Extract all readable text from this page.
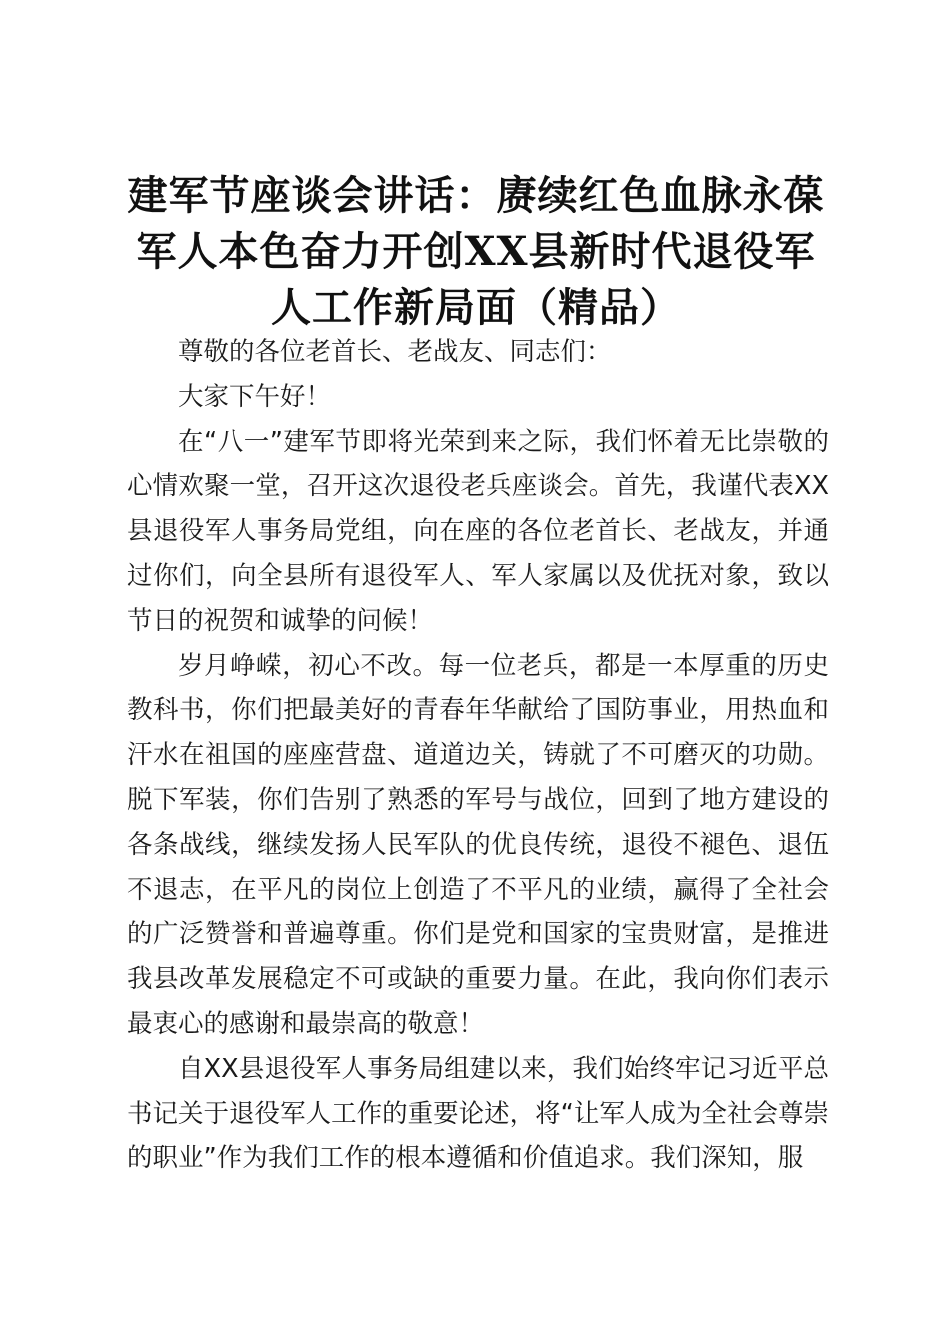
建军节座谈会讲话：赓续红色血脉永葆军人本色奋力开创XX县新时代退役军人工作新局面（精品）

尊敬的各位老首长、老战友、同志们：

大家下午好！

在“八一”建军节即将光荣到来之际，我们怀着无比崇敬的心情欢聚一堂，召开这次退役老兵座谈会。首先，我谨代表XX县退役军人事务局党组，向在座的各位老首长、老战友，并通过你们，向全县所有退役军人、军人家属以及优抚对象，致以节日的祝贺和诚挚的问候！

岁月峥嵘，初心不改。每一位老兵，都是一本厚重的历史教科书，你们把最美好的青春年华献给了国防事业，用热血和汗水在祖国的座座营盘、道道边关，铸就了不可磨灭的功勋。脱下军装，你们告别了熟悉的军号与战位，回到了地方建设的各条战线，继续发扬人民军队的优良传统，退役不褪色、退伍不退志，在平凡的岗位上创造了不平凡的业绩，赢得了全社会的广泛赞誉和普遍尊重。你们是党和国家的宝贵财富，是推进我县改革发展稳定不可或缺的重要力量。在此，我向你们表示最衷心的感谢和最崇高的敬意！

自XX县退役军人事务局组建以来，我们始终牢记习近平总书记关于退役军人工作的重要论述，将“让军人成为全社会尊崇的职业”作为我们工作的根本遵循和价值追求。我们深知，服
